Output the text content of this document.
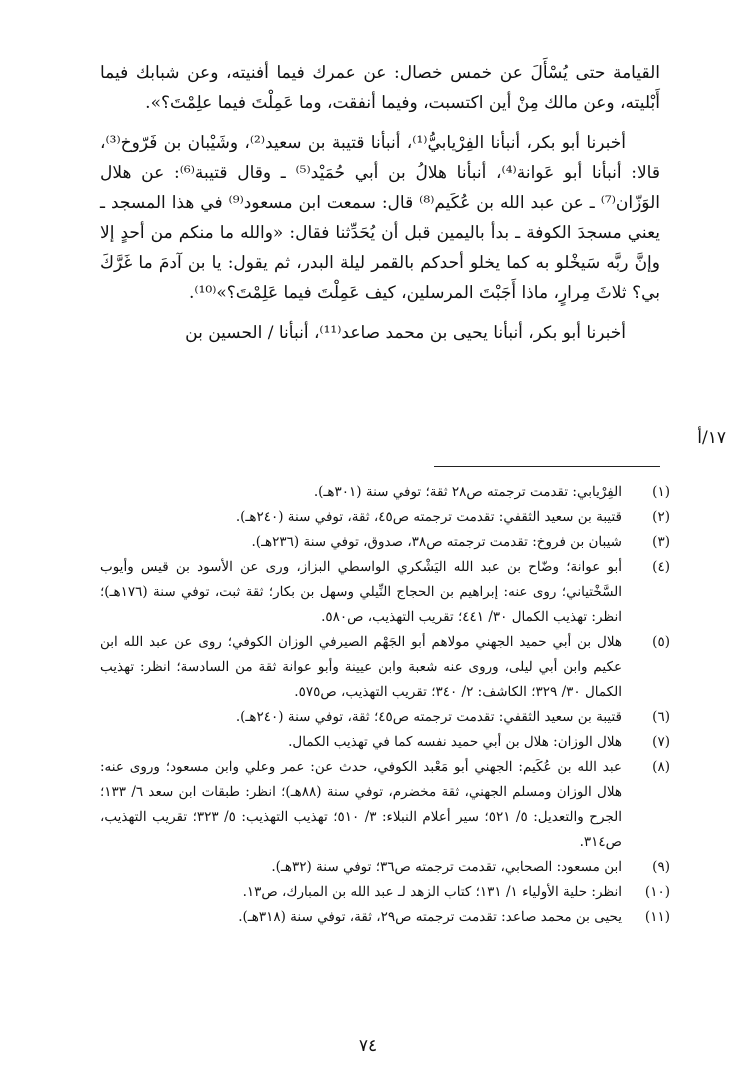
القيامة حتى يُسْأَلَ عن خمس خصال: عن عمرك فيما أفنيته، وعن شبابك فيما أَبْليته، وعن مالك مِنْ أين اكتسبت، وفيما أنفقت، وما عَمِلْتَ فيما علِمْتَ؟».

أخبرنا أبو بكر، أنبأنا الفِرْيابيُّ⁽¹⁾، أنبأنا قتيبة بن سعيد⁽²⁾، وشَيْبان بن فَرّوخ⁽³⁾، قالا: أنبأنا أبو عَوانة⁽⁴⁾، أنبأنا هلالُ بن أبي حُمَيْد⁽⁵⁾ ـ وقال قتيبة⁽⁶⁾: عن هلال الوَزّان⁽⁷⁾ ـ عن عبد الله بن عُكَيم⁽⁸⁾ قال: سمعت ابن مسعود⁽⁹⁾ في هذا المسجد ـ يعني مسجدَ الكوفة ـ بدأ باليمين قبل أن يُحَدِّثنا فقال: «والله ما منكم من أحدٍ إلا وإنَّ ربَّه سَيخْلو به كما يخلو أحدكم بالقمر ليلة البدر، ثم يقول: يا بن آدمَ ما غَرَّكَ بي؟ ثلاثَ مِرارٍ، ماذا أَجَبْتَ المرسلين، كيف عَمِلْتَ فيما عَلِمْتَ؟»⁽¹⁰⁾.

أخبرنا أبو بكر، أنبأنا يحيى بن محمد صاعد⁽¹¹⁾، أنبأنا / الحسين بن

١٧/أ
(١)
الفِرْيابي: تقدمت ترجمته ص٢٨ ثقة؛ توفي سنة (٣٠١هـ).
(٢)
قتيبة بن سعيد الثقفي: تقدمت ترجمته ص٤٥، ثقة، توفي سنة (٢٤٠هـ).
(٣)
شيبان بن فروخ: تقدمت ترجمته ص٣٨، صدوق، توفي سنة (٢٣٦هـ).
(٤)
أبو عوانة؛ وضّاح بن عبد الله اليَشْكري الواسطي البزاز، ورى عن الأسود بن قيس وأيوب السَّخْتياني؛ روى عنه: إبراهيم بن الحجاج النِّيلي وسهل بن بكار؛ ثقة ثبت، توفي سنة (١٧٦هـ)؛ انظر: تهذيب الكمال ٣٠/ ٤٤١؛ تقريب التهذيب، ص٥٨٠.
(٥)
هلال بن أبي حميد الجهني مولاهم أبو الجَهْم الصيرفي الوزان الكوفي؛ روى عن عبد الله ابن عكيم وابن أبي ليلى، وروى عنه شعبة وابن عيينة وأبو عوانة ثقة من السادسة؛ انظر: تهذيب الكمال ٣٠/ ٣٢٩؛ الكاشف: ٢/ ٣٤٠؛ تقريب التهذيب، ص٥٧٥.
(٦)
قتيبة بن سعيد الثقفي: تقدمت ترجمته ص٤٥؛ ثقة، توفي سنة (٢٤٠هـ).
(٧)
هلال الوزان: هلال بن أبي حميد نفسه كما في تهذيب الكمال.
(٨)
عبد الله بن عُكَيم: الجهني أبو مَعْبد الكوفي، حدث عن: عمر وعلي وابن مسعود؛ وروى عنه: هلال الوزان ومسلم الجهني، ثقة مخضرم، توفي سنة (٨٨هـ)؛ انظر: طبقات ابن سعد ٦/ ١٣٣؛ الجرح والتعديل: ٥/ ٥٢١؛ سير أعلام النبلاء: ٣/ ٥١٠؛ تهذيب التهذيب: ٥/ ٣٢٣؛ تقريب التهذيب، ص٣١٤.
(٩)
ابن مسعود: الصحابي، تقدمت ترجمته ص٣٦؛ توفي سنة (٣٢هـ).
(١٠)
انظر: حلية الأولياء ١/ ١٣١؛ كتاب الزهد لـ عبد الله بن المبارك، ص١٣.
(١١)
يحيى بن محمد صاعد: تقدمت ترجمته ص٢٩، ثقة، توفي سنة (٣١٨هـ).
٧٤
